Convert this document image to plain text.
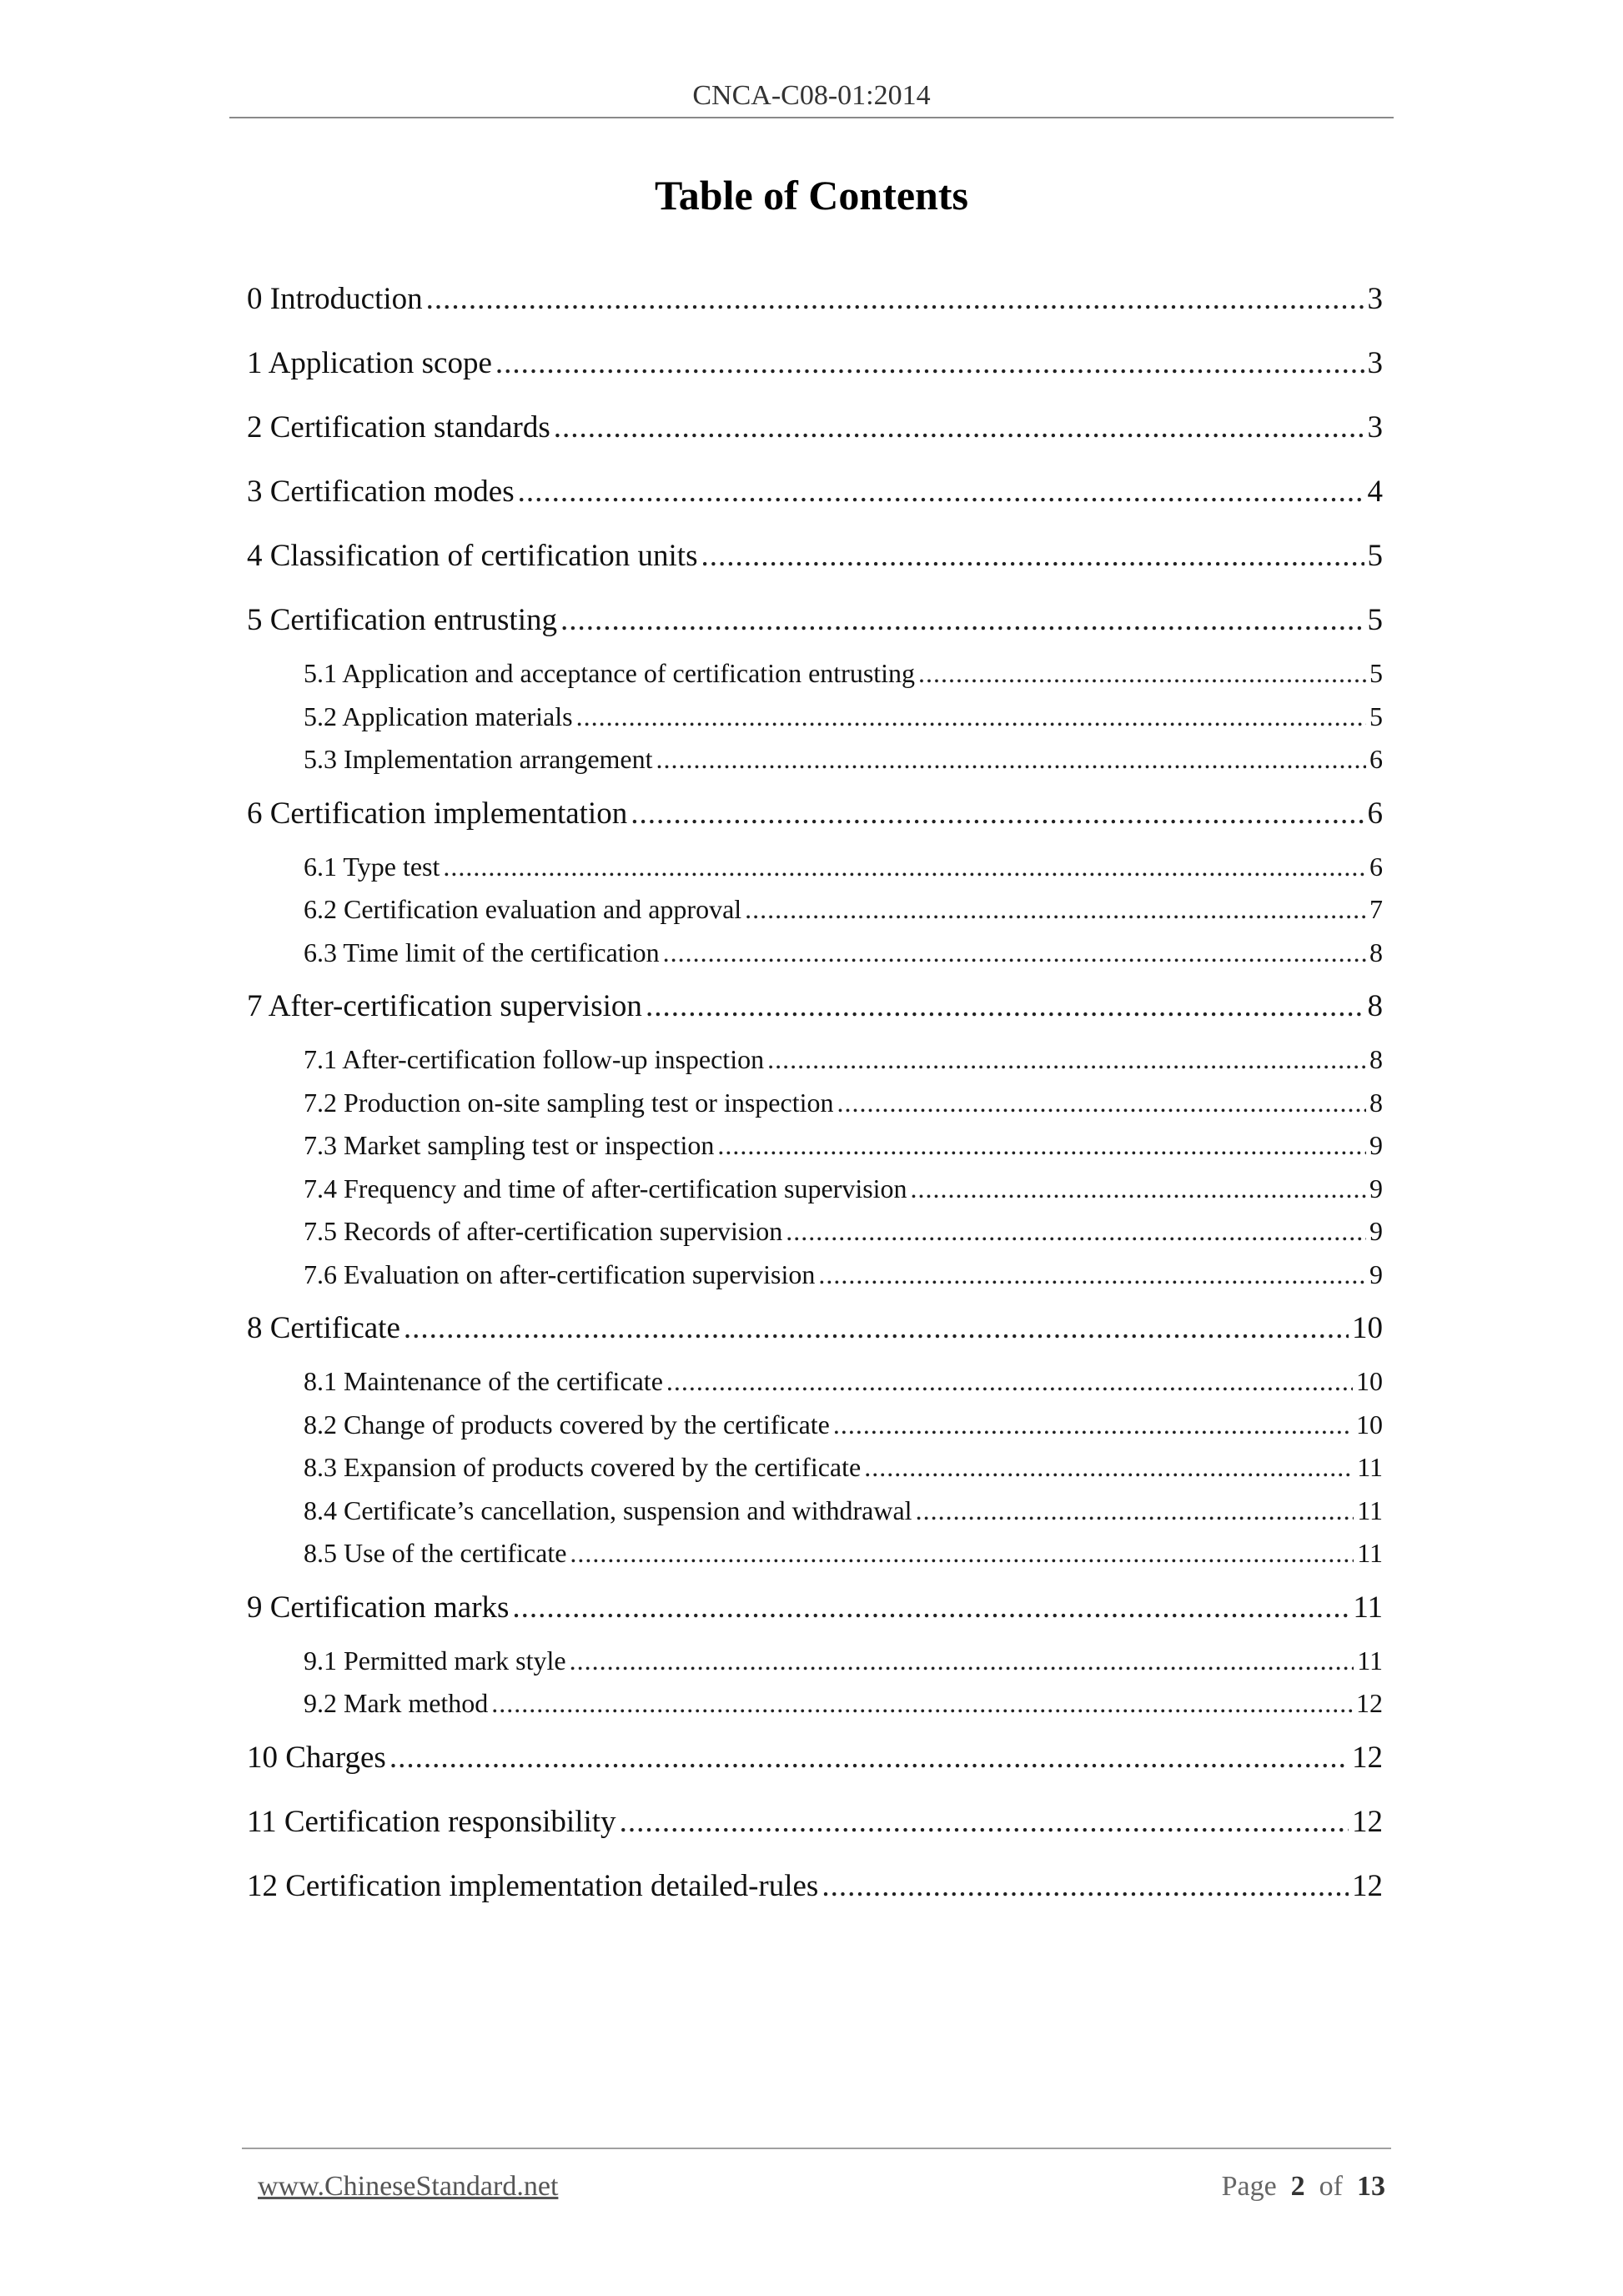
CNCA-C08-01:2014
Table of Contents
0 Introduction .....	3
1 Application scope .....	3
2 Certification standards .....	3
3 Certification modes .....	4
4 Classification of certification units .....	5
5 Certification entrusting .....	5
5.1 Application and acceptance of certification entrusting .....	5
5.2 Application materials .....	5
5.3 Implementation arrangement .....	6
6 Certification implementation .....	6
6.1 Type test .....	6
6.2 Certification evaluation and approval .....	7
6.3 Time limit of the certification .....	8
7 After-certification supervision .....	8
7.1 After-certification follow-up inspection .....	8
7.2 Production on-site sampling test or inspection .....	8
7.3 Market sampling test or inspection .....	9
7.4 Frequency and time of after-certification supervision .....	9
7.5 Records of after-certification supervision .....	9
7.6 Evaluation on after-certification supervision .....	9
8 Certificate .....	10
8.1 Maintenance of the certificate .....	10
8.2 Change of products covered by the certificate .....	10
8.3 Expansion of products covered by the certificate .....	11
8.4 Certificate’s cancellation, suspension and withdrawal .....	11
8.5 Use of the certificate .....	11
9 Certification marks .....	11
9.1 Permitted mark style .....	11
9.2 Mark method .....	12
10 Charges .....	12
11 Certification responsibility .....	12
12 Certification implementation detailed-rules .....	12
www.ChineseStandard.net	Page 2 of 13
